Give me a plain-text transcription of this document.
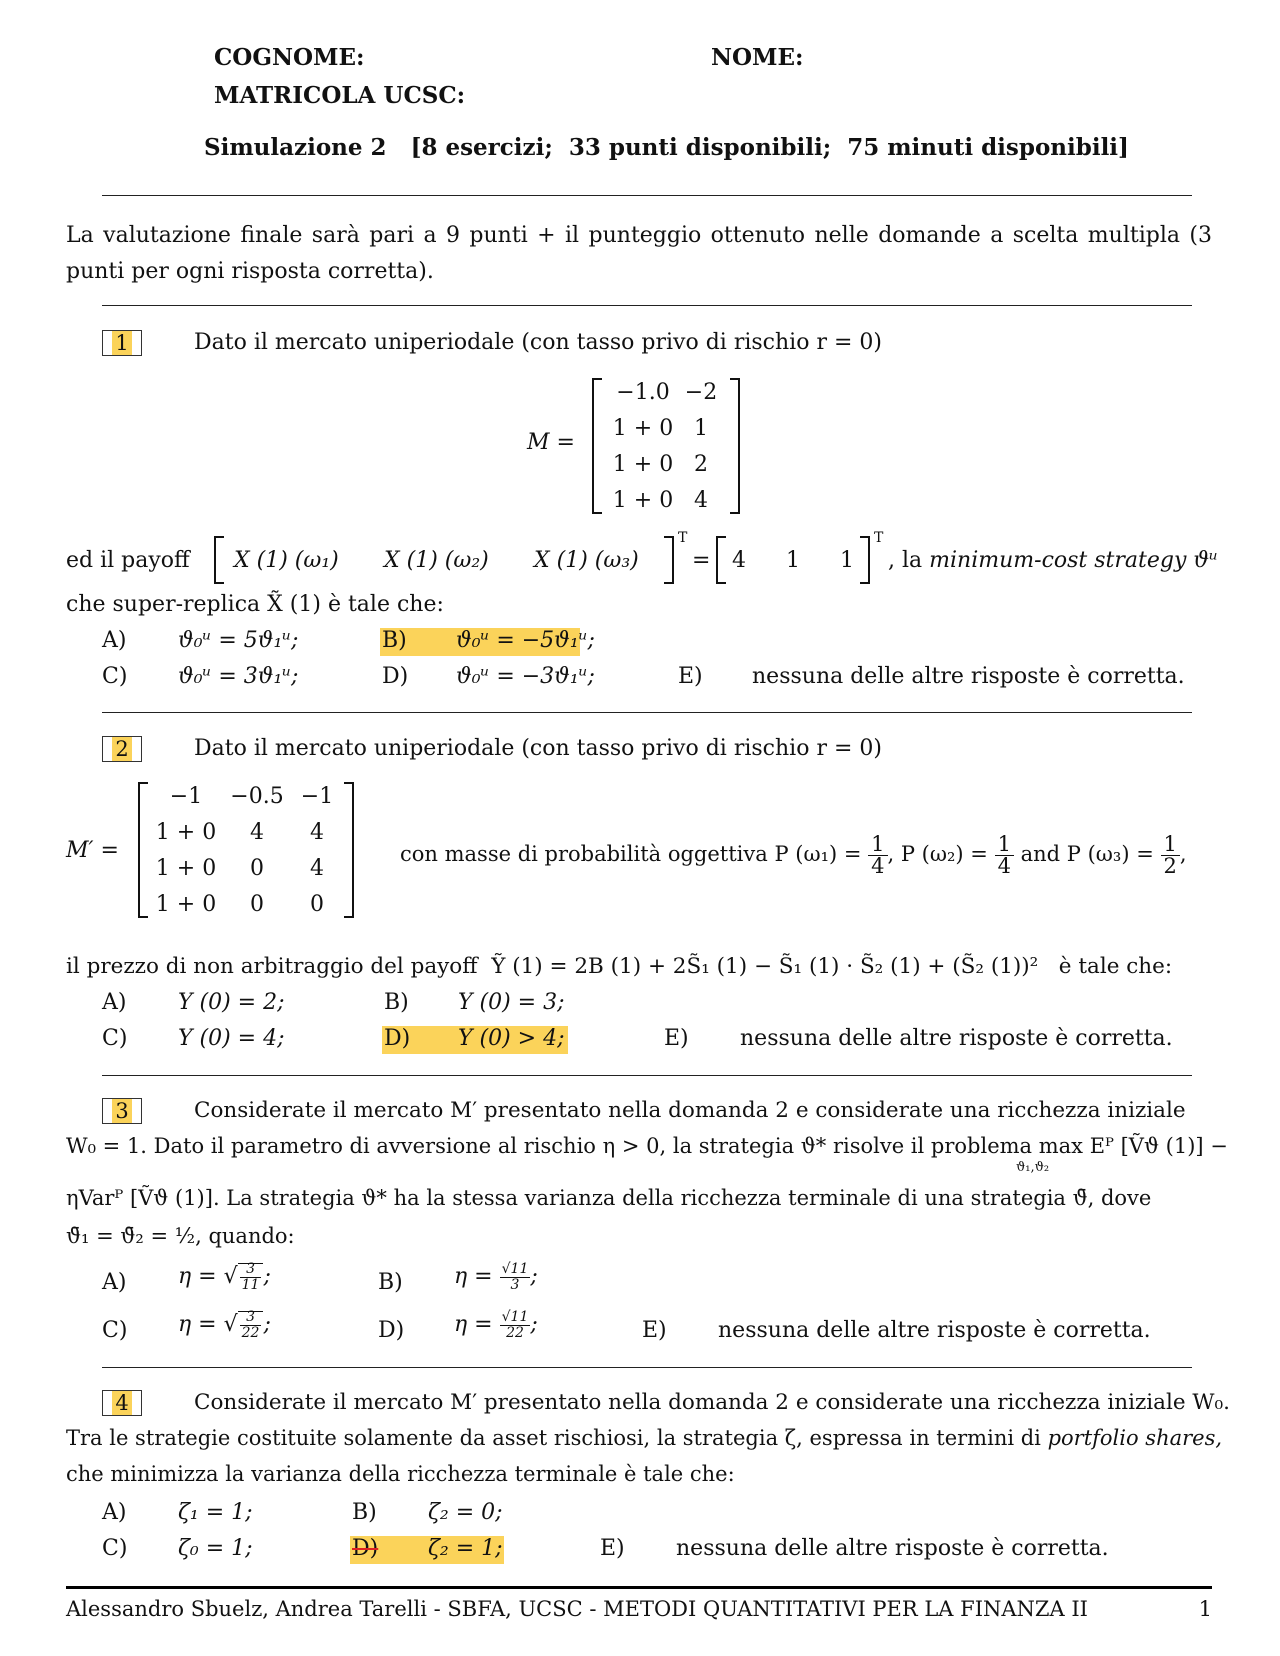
COGNOME:	NOME:
MATRICOLA UCSC:
Simulazione 2   [8 esercizi;  33 punti disponibili;  75 minuti disponibili]
La valutazione finale sarà pari a 9 punti + il punteggio ottenuto nelle domande a scelta multipla (3 punti per ogni risposta corretta).
1	Dato il mercato uniperiodale (con tasso privo di rischio r = 0)
M =
−1.0 −2
1 + 0 1
1 + 0 2
1 + 0 4
ed il payoff X (1) (ω₁) X (1) (ω₂) X (1) (ω₃)
T
= 4 1 1
T
, la minimum-cost strategy ϑᵘ
che super-replica X̃ (1) è tale che:
A) ϑ₀ᵘ = 5ϑ₁ᵘ;	B) ϑ₀ᵘ = −5ϑ₁ᵘ;
C) ϑ₀ᵘ = 3ϑ₁ᵘ;	D) ϑ₀ᵘ = −3ϑ₁ᵘ;	E) nessuna delle altre risposte è corretta.
2	Dato il mercato uniperiodale (con tasso privo di rischio r = 0)
M′ =
−1	−0.5 −1
1 + 0	4	4
1 + 0	0	4
1 + 0	0	0
con masse di probabilità oggettiva P $(\omega_1) = \frac{1}{4}$ , P $(\omega_2) = \frac{1}{4}$ and P $(\omega_3) = \frac{1}{2}$ ,
il prezzo di non arbitraggio del payoff  Ỹ (1) = 2B (1) + 2S̃₁ (1) − S̃₁ (1) · S̃₂ (1) + (S̃₂ (1))²   è tale che:
A) Y (0) = 2;	B) Y (0) = 3;
C) Y (0) = 4;	D) Y (0) > 4;	E) nessuna delle altre risposte è corretta.
3	Considerate il mercato M′ presentato nella domanda 2 e considerate una ricchezza iniziale
W₀ = 1. Dato il parametro di avversione al rischio η > 0, la strategia ϑ* risolve il problema max Eᴾ [Ṽϑ (1)] −
ϑ₁,ϑ₂
ηVarᴾ [Ṽϑ (1)]. La strategia ϑ* ha la stessa varianza della ricchezza terminale di una strategia ϑ̄, dove
ϑ̄₁ = ϑ̄₂ = ½, quando:
A) η = √ $\frac{3}{11}$ ;	B) $\eta = \frac{√11}{3}$ ;
C) η = √ $\frac{3}{22}$ ;	D) $\eta = \frac{√11}{22}$ ;	E) nessuna delle altre risposte è corretta.
4	Considerate il mercato M′ presentato nella domanda 2 e considerate una ricchezza iniziale W₀.
Tra le strategie costituite solamente da asset rischiosi, la strategia ζ, espressa in termini di portfolio shares,
che minimizza la varianza della ricchezza terminale è tale che:
A) ζ₁ = 1;	B) ζ₂ = 0;
C) ζ₀ = 1;	D) ζ₂ = 1;	E) nessuna delle altre risposte è corretta.
Alessandro Sbuelz, Andrea Tarelli - SBFA, UCSC - METODI QUANTITATIVI PER LA FINANZA II	1
